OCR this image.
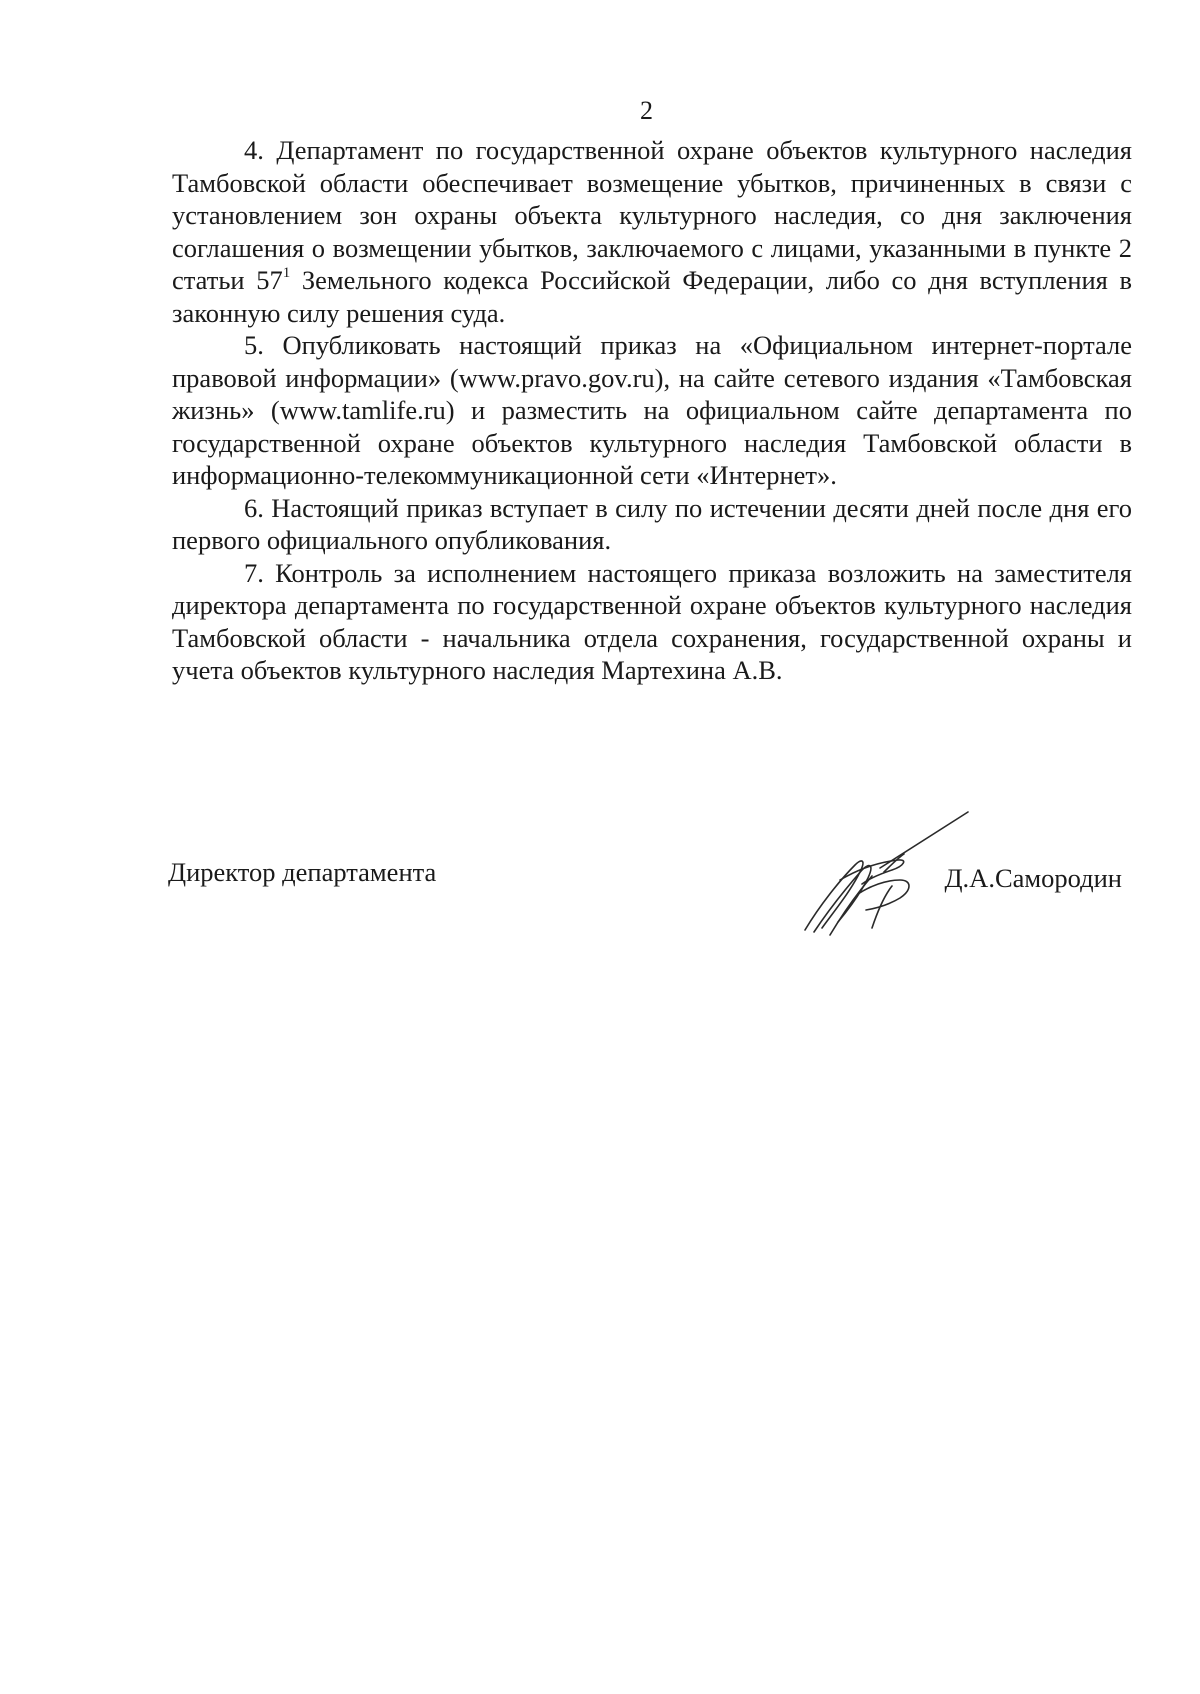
2

4. Департамент по государственной охране объектов культурного наследия Тамбовской области обеспечивает возмещение убытков, причиненных в связи с установлением зон охраны объекта культурного наследия, со дня заключения соглашения о возмещении убытков, заключаемого с лицами, указанными в пункте 2 статьи $57^1$ Земельного кодекса Российской Федерации, либо со дня вступления в законную силу решения суда.

5. Опубликовать настоящий приказ на «Официальном интернет-портале правовой информации» (www.pravo.gov.ru), на сайте сетевого издания «Тамбовская жизнь» (www.tamlife.ru) и разместить на официальном сайте департамента по государственной охране объектов культурного наследия Тамбовской области в информационно-телекоммуникационной сети «Интернет».

6. Настоящий приказ вступает в силу по истечении десяти дней после дня его первого официального опубликования.

7. Контроль за исполнением настоящего приказа возложить на заместителя директора департамента по государственной охране объектов культурного наследия Тамбовской области - начальника отдела сохранения, государственной охраны и учета объектов культурного наследия Мартехина А.В.

Директор департамента	Д.А.Самородин
